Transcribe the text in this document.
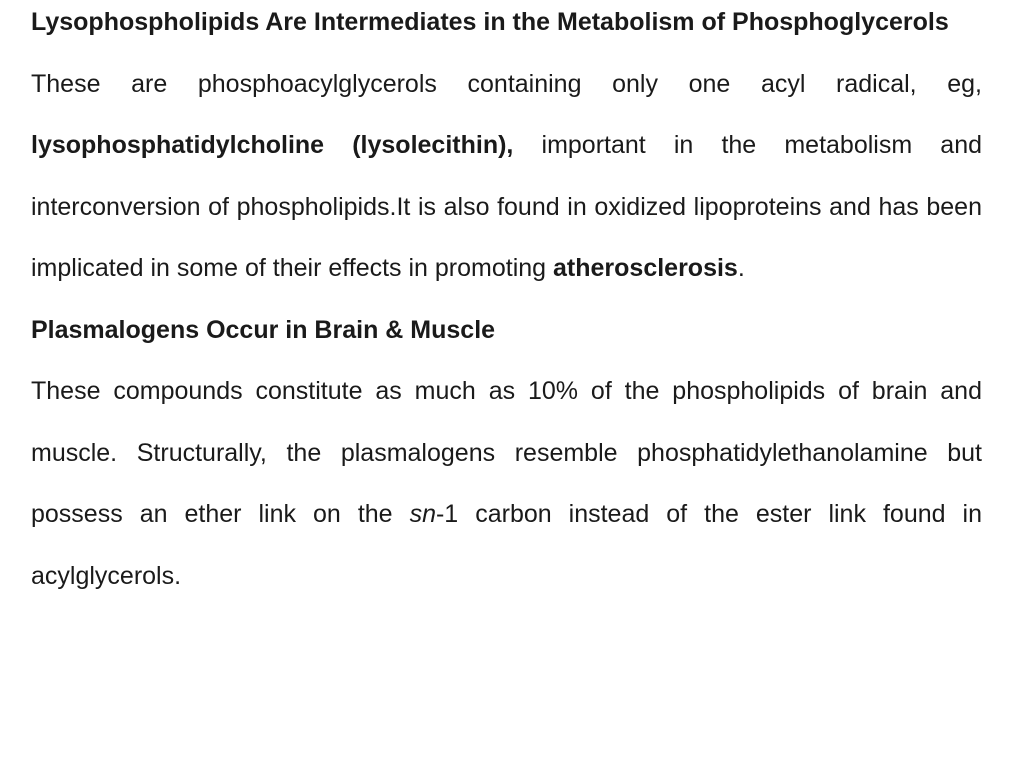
Lysophospholipids Are Intermediates in the Metabolism of Phosphoglycerols

These are phosphoacylglycerols containing only one acyl radical, eg, lysophosphatidylcholine (lysolecithin), important in the metabolism and interconversion of phospholipids.It is also found in oxidized lipoproteins and has been implicated in some of their effects in promoting atherosclerosis.

Plasmalogens Occur in Brain & Muscle

These compounds constitute as much as 10% of the phospholipids of brain and muscle. Structurally, the plasmalogens resemble phosphatidylethanolamine but possess an ether link on the sn-1 carbon instead of the ester link found in acylglycerols.
